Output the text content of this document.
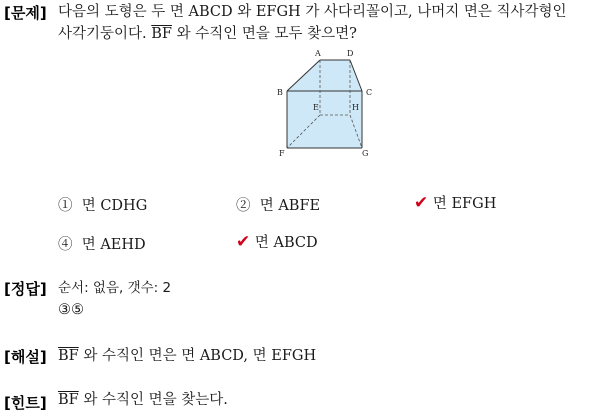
[문제] 다음의 도형은 두 면 ABCD 와 EFGH 가 사다리꼴이고, 나머지 면은 직사각형인
사각기둥이다. $\overline{BF}$ 와 수직인 면을 모두 찾으면?
A	D
B	C
E	H
F	G
① 면 CDHG	② 면 ABFE	✔ 면 EFGH
④ 면 AEHD	✔ 면 ABCD
[정답] 순서: 없음, 갯수: 2
③⑤
[해설] $\overline{BF}$ 와 수직인 면은 면 ABCD, 면 EFGH
[힌트] $\overline{BF}$ 와 수직인 면을 찾는다.
